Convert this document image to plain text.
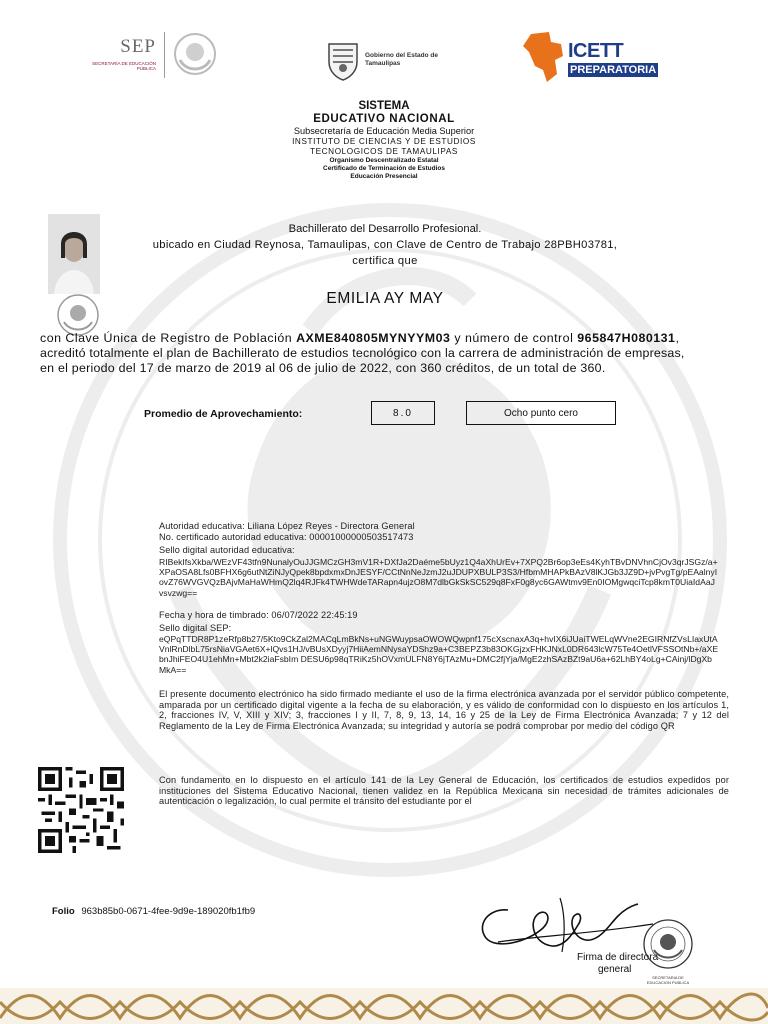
SEP
SECRETARÍA DE EDUCACIÓN PÚBLICA
Gobierno del Estado de Tamaulipas
ICETT
PREPARATORIA
SISTEMA
EDUCATIVO NACIONAL
Subsecretaría de Educación Media Superior
INSTITUTO DE CIENCIAS Y DE ESTUDIOS
TECNOLOGICOS DE TAMAULIPAS
Organismo Descentralizado Estatal
Certificado de Terminación de Estudios
Educación Presencial
Bachillerato del Desarrollo Profesional.
ubicado en Ciudad Reynosa, Tamaulipas, con Clave de Centro de Trabajo 28PBH03781,
certifica que
EMILIA AY MAY
con Clave Única de Registro de Población AXME840805MYNYYM03 y número de control 965847H080131,
acreditó totalmente el plan de Bachillerato de estudios tecnológico con la carrera de administración de empresas,
en el periodo del 17 de marzo de 2019 al 06 de julio de 2022, con 360 créditos, de un total de 360.
Promedio de Aprovechamiento:	8.0	Ocho punto cero
Autoridad educativa: Liliana López Reyes - Directora General
No. certificado autoridad educativa: 00001000000503517473
Sello digital autoridad educativa:
RIBekIfsXkba/WEzVF43tfn9NunalyOuJJGMCzGH3mV1R+DXfJa2Daéme5bUyz1Q4aXhUrEv+7XPQ2Br6op3eEs4KyhTBvDNVhnCjOv3qrJSGz/a+XPaOSA8Lfs0BFHX6g6utNtZiNJyQpek8bpdxmxDnJESYF/CCtNnNeJzmJ2uJDUPXBULP3S3/HfbmMHAPkBAzV8lKJGb3JZ9D+jvPvgTg/pEAalnyIovZ76WVGVQzBAjvMaHaWHmQ2lq4RJFk4TWHWdeTARapn4ujzO8M7dlbGkSkSC529q8FxF0g8yc6GAWtmv9En0IOMgwqciTcp8kmT0UiaIdAaJvsvzwg==
Fecha y hora de timbrado: 06/07/2022 22:45:19
Sello digital SEP:
eQPqTTDR8P1zeRfp8b27/5Kto9CkZal2MACqLmBkNs+uNGWuypsaOWOWQwpnf175cXscnaxA3q+hvIX6iJUaiTWELqWVne2EGIRNfZVsLIaxUtAVnlRnDlbL75rsNiaVGAet6X+lQvs1HJ/vBUsXDyyj7HiiAemNNysaYDShz9a+C3BEPZ3b83OKGjzxFHKJNxL0DR643lcW75Te4OetlVFSSOtNb+/aXEbnJhiFEO4U1ehMn+Mbt2k2iaFsbIm DESU6p98qTRiKz5hOVxmULFN8Y6jTAzMu+DMC2fjYja/MgE2zhSAzBZt9aU6a+62LhBY4oLg+CAinj/lDgXbMkA==
El presente documento electrónico ha sido firmado mediante el uso de la firma electrónica avanzada por el servidor público competente, amparada por un certificado digital vigente a la fecha de su elaboración, y es válido de conformidad con lo dispuesto en los artículos 1, 2, fracciones IV, V, XIII y XIV; 3, fracciones I y II, 7, 8, 9, 13, 14, 16 y 25 de la Ley de Firma Electrónica Avanzada; 7 y 12 del Reglamento de la Ley de Firma Electrónica Avanzada; su integridad y autoría se podrá comprobar por medio del código QR
Con fundamento en lo dispuesto en el artículo 141 de la Ley General de Educación, los certificados de estudios expedidos por instituciones del Sistema Educativo Nacional, tienen validez en la República Mexicana sin necesidad de trámites adicionales de autenticación o legalización, lo cual permite el tránsito del estudiante por el
Folio 963b85b0-0671-4fee-9d9e-189020fb1fb9
Firma de directora
general
SECRETARIA DE EDUCACION PUBLICA
